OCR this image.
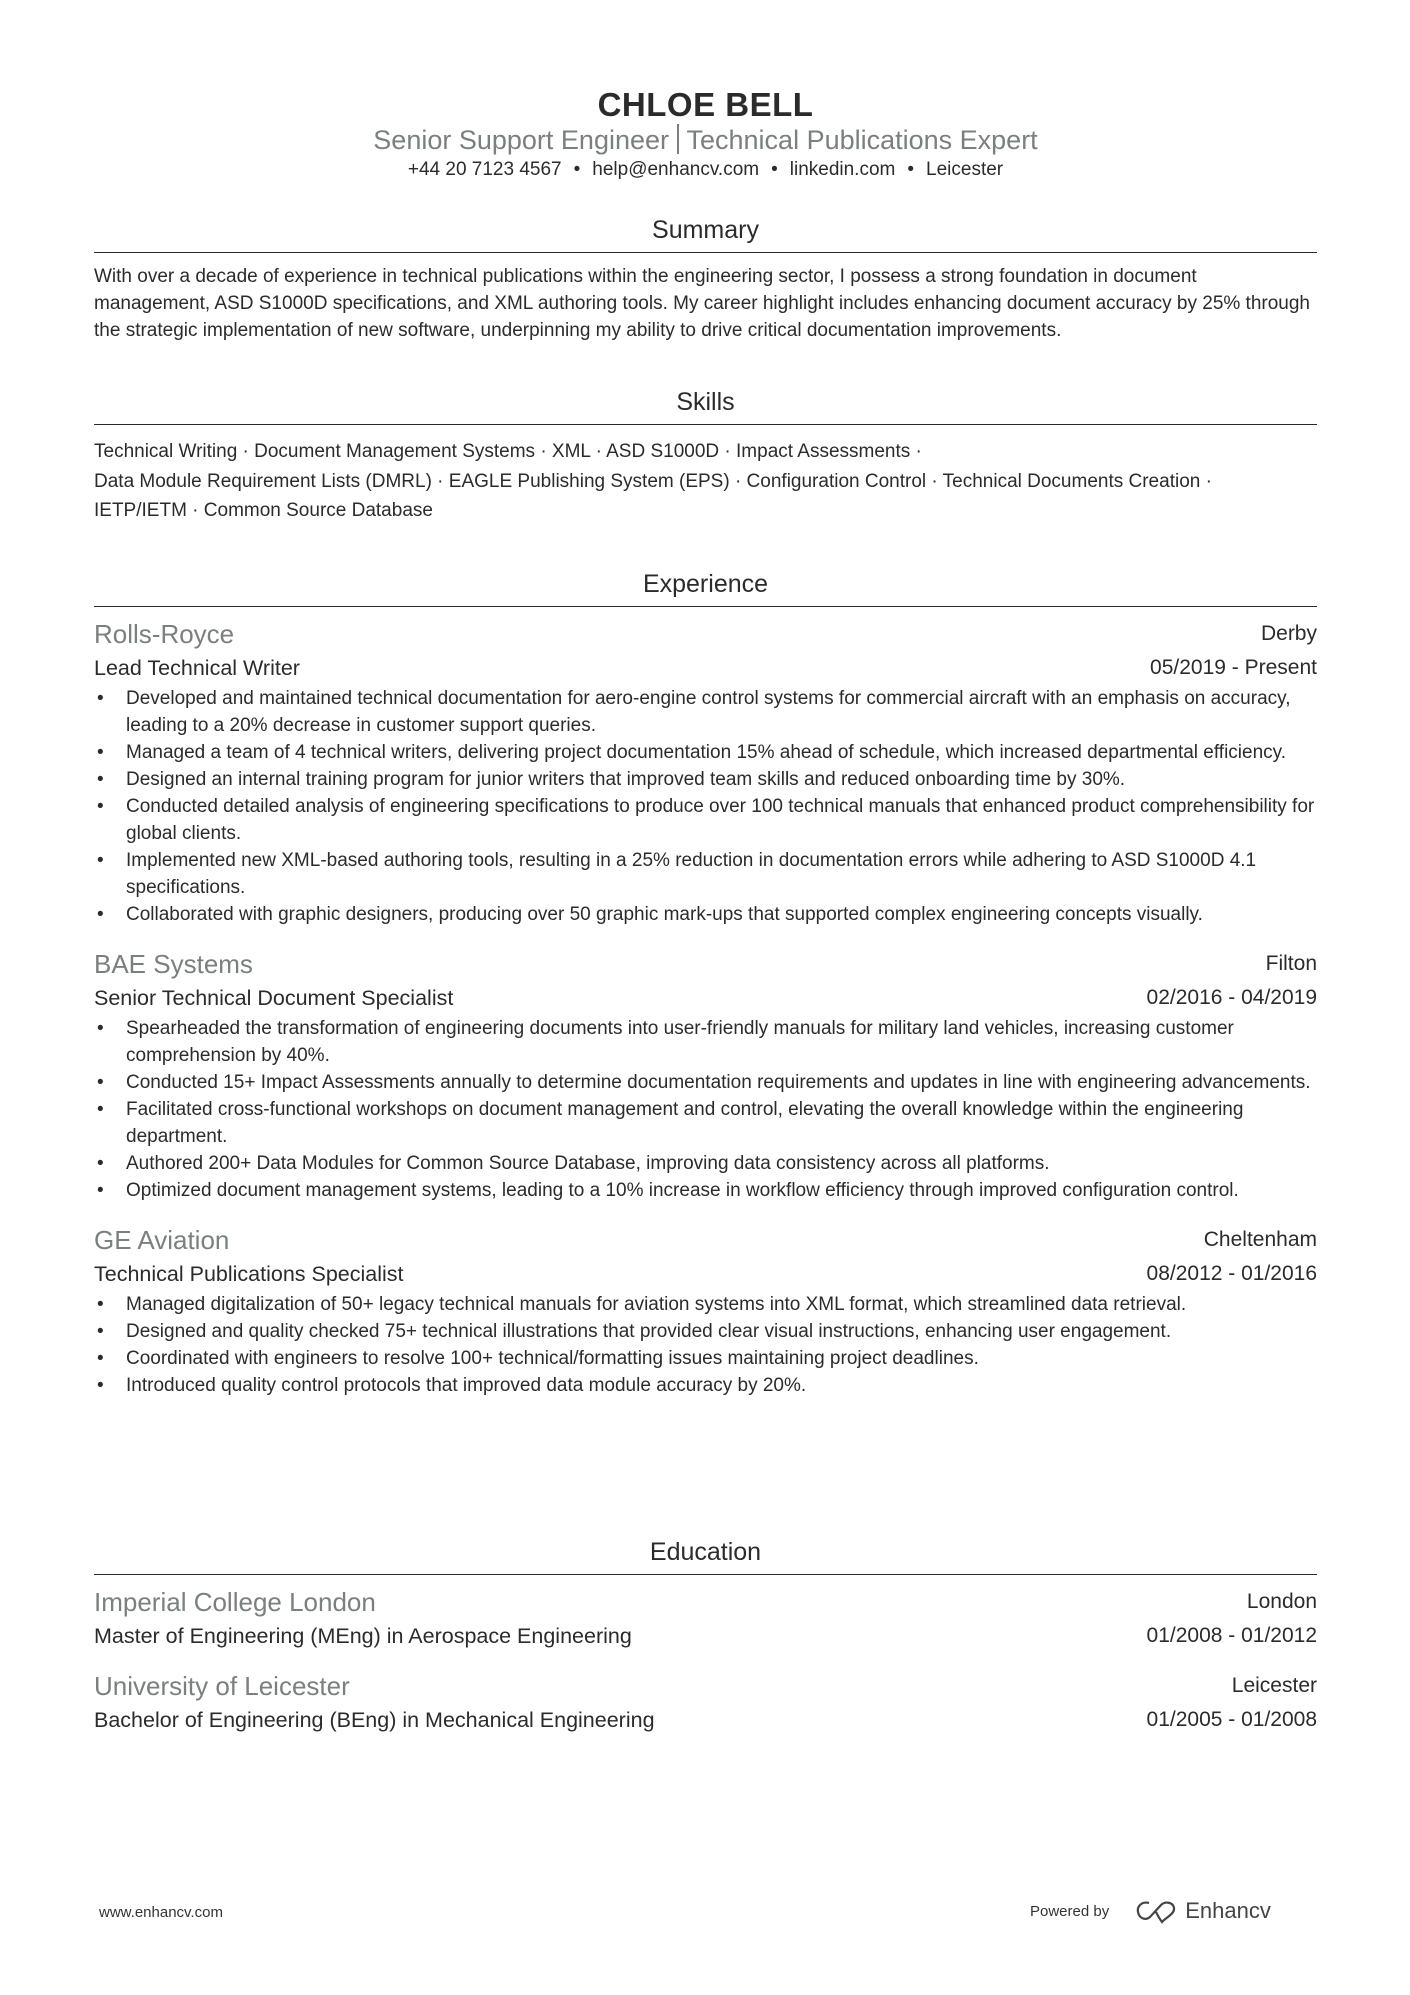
CHLOE BELL
Senior Support Engineer Technical Publications Expert
+44 20 7123 4567 • help@enhancv.com • linkedin.com • Leicester
Summary
With over a decade of experience in technical publications within the engineering sector, I possess a strong foundation in document management, ASD S1000D specifications, and XML authoring tools. My career highlight includes enhancing document accuracy by 25% through the strategic implementation of new software, underpinning my ability to drive critical documentation improvements.
Skills
Technical Writing · Document Management Systems · XML · ASD S1000D · Impact Assessments ·
Data Module Requirement Lists (DMRL) · EAGLE Publishing System (EPS) · Configuration Control · Technical Documents Creation ·
IETP/IETM · Common Source Database
Experience
Rolls-Royce	Derby
Lead Technical Writer	05/2019 - Present
• Developed and maintained technical documentation for aero-engine control systems for commercial aircraft with an emphasis on accuracy, leading to a 20% decrease in customer support queries.
• Managed a team of 4 technical writers, delivering project documentation 15% ahead of schedule, which increased departmental efficiency.
• Designed an internal training program for junior writers that improved team skills and reduced onboarding time by 30%.
• Conducted detailed analysis of engineering specifications to produce over 100 technical manuals that enhanced product comprehensibility for global clients.
• Implemented new XML-based authoring tools, resulting in a 25% reduction in documentation errors while adhering to ASD S1000D 4.1 specifications.
• Collaborated with graphic designers, producing over 50 graphic mark-ups that supported complex engineering concepts visually.
BAE Systems	Filton
Senior Technical Document Specialist	02/2016 - 04/2019
• Spearheaded the transformation of engineering documents into user-friendly manuals for military land vehicles, increasing customer comprehension by 40%.
• Conducted 15+ Impact Assessments annually to determine documentation requirements and updates in line with engineering advancements.
• Facilitated cross-functional workshops on document management and control, elevating the overall knowledge within the engineering department.
• Authored 200+ Data Modules for Common Source Database, improving data consistency across all platforms.
• Optimized document management systems, leading to a 10% increase in workflow efficiency through improved configuration control.
GE Aviation	Cheltenham
Technical Publications Specialist	08/2012 - 01/2016
• Managed digitalization of 50+ legacy technical manuals for aviation systems into XML format, which streamlined data retrieval.
• Designed and quality checked 75+ technical illustrations that provided clear visual instructions, enhancing user engagement.
• Coordinated with engineers to resolve 100+ technical/formatting issues maintaining project deadlines.
• Introduced quality control protocols that improved data module accuracy by 20%.
Education
Imperial College London	London
Master of Engineering (MEng) in Aerospace Engineering	01/2008 - 01/2012
University of Leicester	Leicester
Bachelor of Engineering (BEng) in Mechanical Engineering	01/2005 - 01/2008
www.enhancv.com	Powered by	Enhancv
